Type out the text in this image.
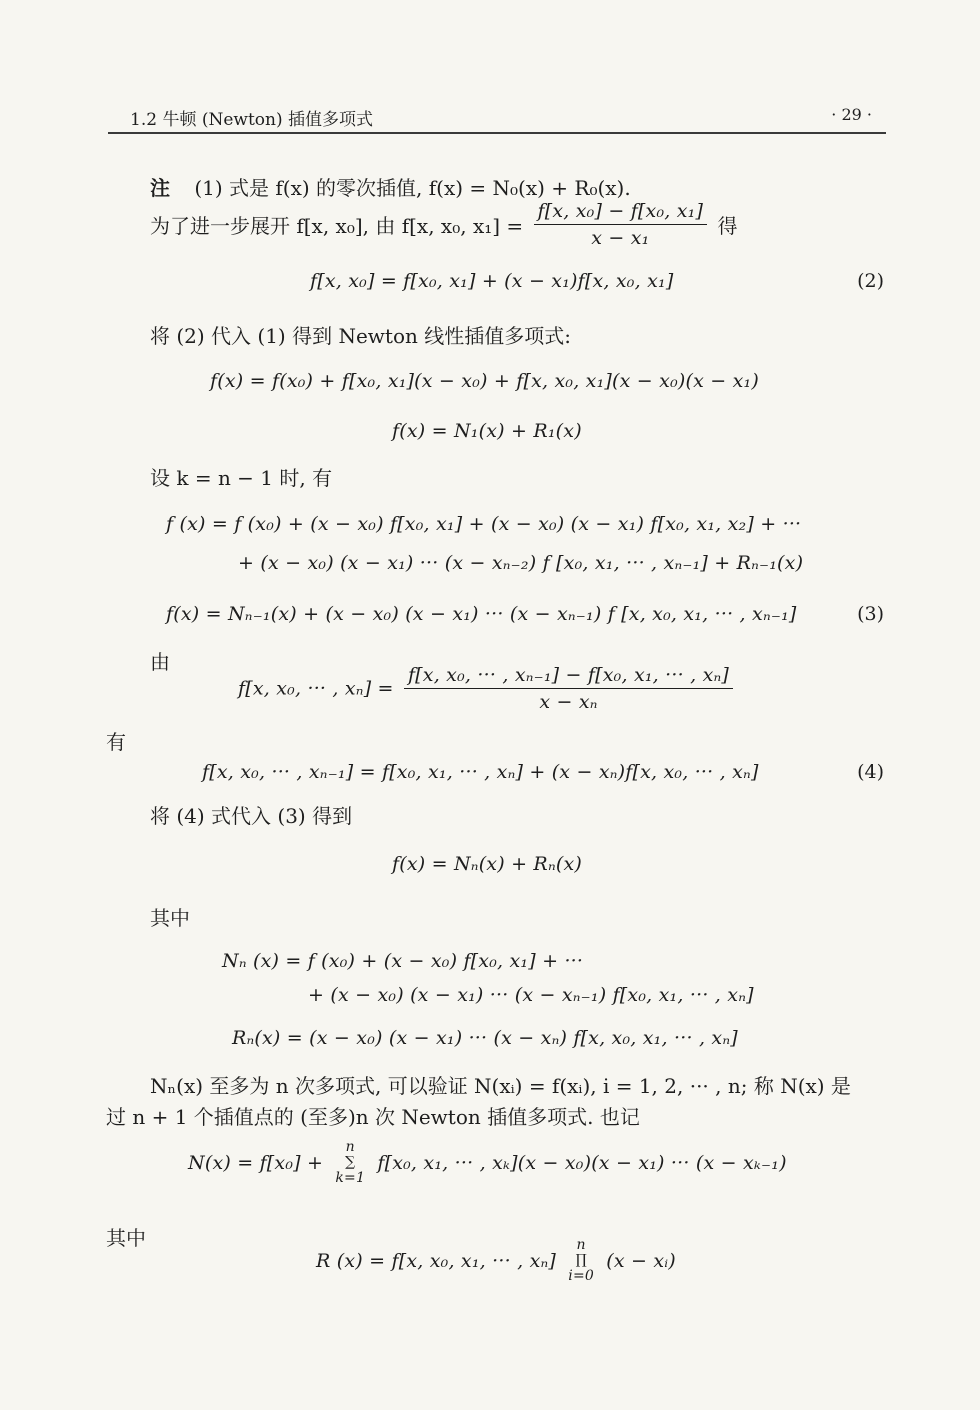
1.2 牛顿 (Newton) 插值多项式	· 29 ·
注 (1) 式是 f(x) 的零次插值, f(x) = N₀(x) + R₀(x).
为了进一步展开 f[x, x₀], 由 f[x, x₀, $x_1] = \frac{\text{f[x, x₀] − f[x₀, x₁]}}{\text{x − x₁}}$ 得
f[x, x₀] = f[x₀, x₁] + (x − x₁)f[x, x₀, x₁]	(2)
将 (2) 代入 (1) 得到 Newton 线性插值多项式:
f(x) = f(x₀) + f[x₀, x₁](x − x₀) + f[x, x₀, x₁](x − x₀)(x − x₁)
f(x) = N₁(x) + R₁(x)
设 k = n − 1 时, 有
f (x) = f (x₀) + (x − x₀) f[x₀, x₁] + (x − x₀) (x − x₁) f[x₀, x₁, x₂] + ···
+ (x − x₀) (x − x₁) ··· (x − xₙ₋₂) f [x₀, x₁, ··· , xₙ₋₁] + Rₙ₋₁(x)
f(x) = Nₙ₋₁(x) + (x − x₀) (x − x₁) ··· (x − xₙ₋₁) f [x, x₀, x₁, ··· , xₙ₋₁]	(3)
由
f[x, x₀, ··· , $x_n] = \frac{\text{f[x, x₀, ··· , xₙ₋₁] − f[x₀, x₁, ··· , xₙ]}}{\text{x − xₙ}}$
有
f[x, x₀, ··· , xₙ₋₁] = f[x₀, x₁, ··· , xₙ] + (x − xₙ)f[x, x₀, ··· , xₙ]	(4)
将 (4) 式代入 (3) 得到
f(x) = Nₙ(x) + Rₙ(x)
其中
Nₙ (x) = f (x₀) + (x − x₀) f[x₀, x₁] + ···
+ (x − x₀) (x − x₁) ··· (x − xₙ₋₁) f[x₀, x₁, ··· , xₙ]
Rₙ(x) = (x − x₀) (x − x₁) ··· (x − xₙ) f[x, x₀, x₁, ··· , xₙ]
Nₙ(x) 至多为 n 次多项式, 可以验证 N(xᵢ) = f(xᵢ), i = 1, 2, ··· , n; 称 N(x) 是
过 n + 1 个插值点的 (至多)n 次 Newton 插值多项式. 也记
N(x) = f[x₀] +
n
∑
k=1
f[x₀, x₁, ··· , xₖ](x − x₀)(x − x₁) ··· (x − xₖ₋₁)
其中
R (x) = f[x, x₀, x₁, ··· , xₙ]
n
∏
i=0
(x − xᵢ)
